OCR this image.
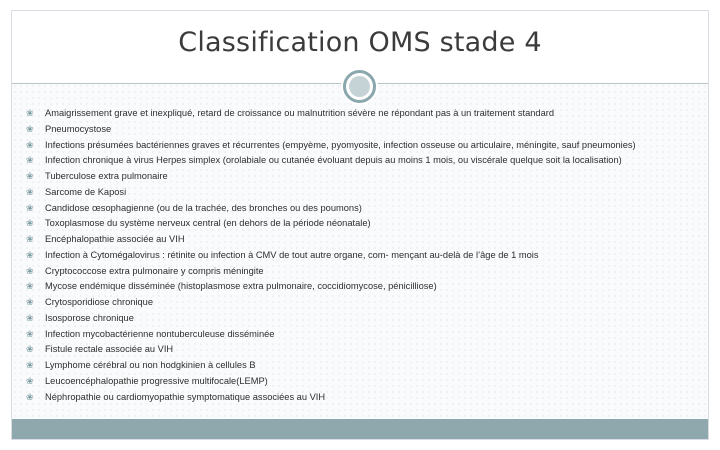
Classification OMS stade 4
❀ Amaigrissement grave et inexpliqué, retard de croissance ou malnutrition sévère ne répondant pas à un traitement standard
❀ Pneumocystose
❀ Infections présumées bactériennes graves et récurrentes (empyème, pyomyosite, infection osseuse ou articulaire, méningite, sauf pneumonies)
❀ Infection chronique à virus Herpes simplex (orolabiale ou cutanée évoluant depuis au moins 1 mois, ou viscérale quelque soit la localisation)
❀ Tuberculose extra pulmonaire
❀ Sarcome de Kaposi
❀ Candidose œsophagienne (ou de la trachée, des bronches ou des poumons)
❀ Toxoplasmose du système nerveux central (en dehors de la période néonatale)
❀ Encéphalopathie associée au VIH
❀ Infection à Cytomégalovirus : rétinite ou infection à CMV de tout autre organe, com- mençant au-delà de l’âge de 1 mois
❀ Cryptococcose extra pulmonaire y compris méningite
❀ Mycose endémique disséminée (histoplasmose extra pulmonaire, coccidiomycose, pénicilliose)
❀ Crytosporidiose chronique
❀ Isosporose chronique
❀ Infection mycobactérienne nontuberculeuse disséminée
❀ Fistule rectale associée au VIH
❀ Lymphome cérébral ou non hodgkinien à cellules B
❀ Leucoencéphalopathie progressive multifocale(LEMP)
❀ Néphropathie ou cardiomyopathie symptomatique associées au VIH
